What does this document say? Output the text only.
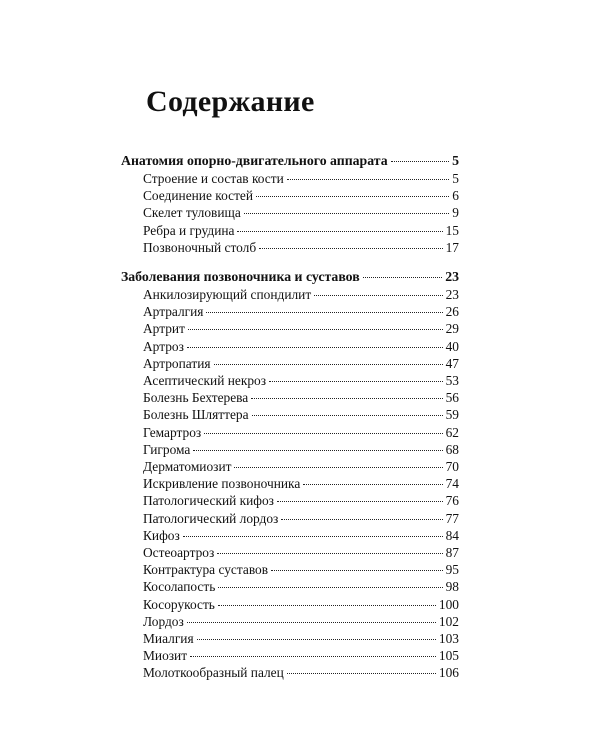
Содержание
Анатомия опорно-двигательного аппарата	5
Строение и состав кости	5
Соединение костей	6
Скелет туловища	9
Ребра и грудина	15
Позвоночный столб	17
Заболевания позвоночника и суставов	23
Анкилозирующий спондилит	23
Артралгия	26
Артрит	29
Артроз	40
Артропатия	47
Асептический некроз	53
Болезнь Бехтерева	56
Болезнь Шляттера	59
Гемартроз	62
Гигрома	68
Дерматомиозит	70
Искривление позвоночника	74
Патологический кифоз	76
Патологический лордоз	77
Кифоз	84
Остеоартроз	87
Контрактура суставов	95
Косолапость	98
Косорукость	100
Лордоз	102
Миалгия	103
Миозит	105
Молоткообразный палец	106
